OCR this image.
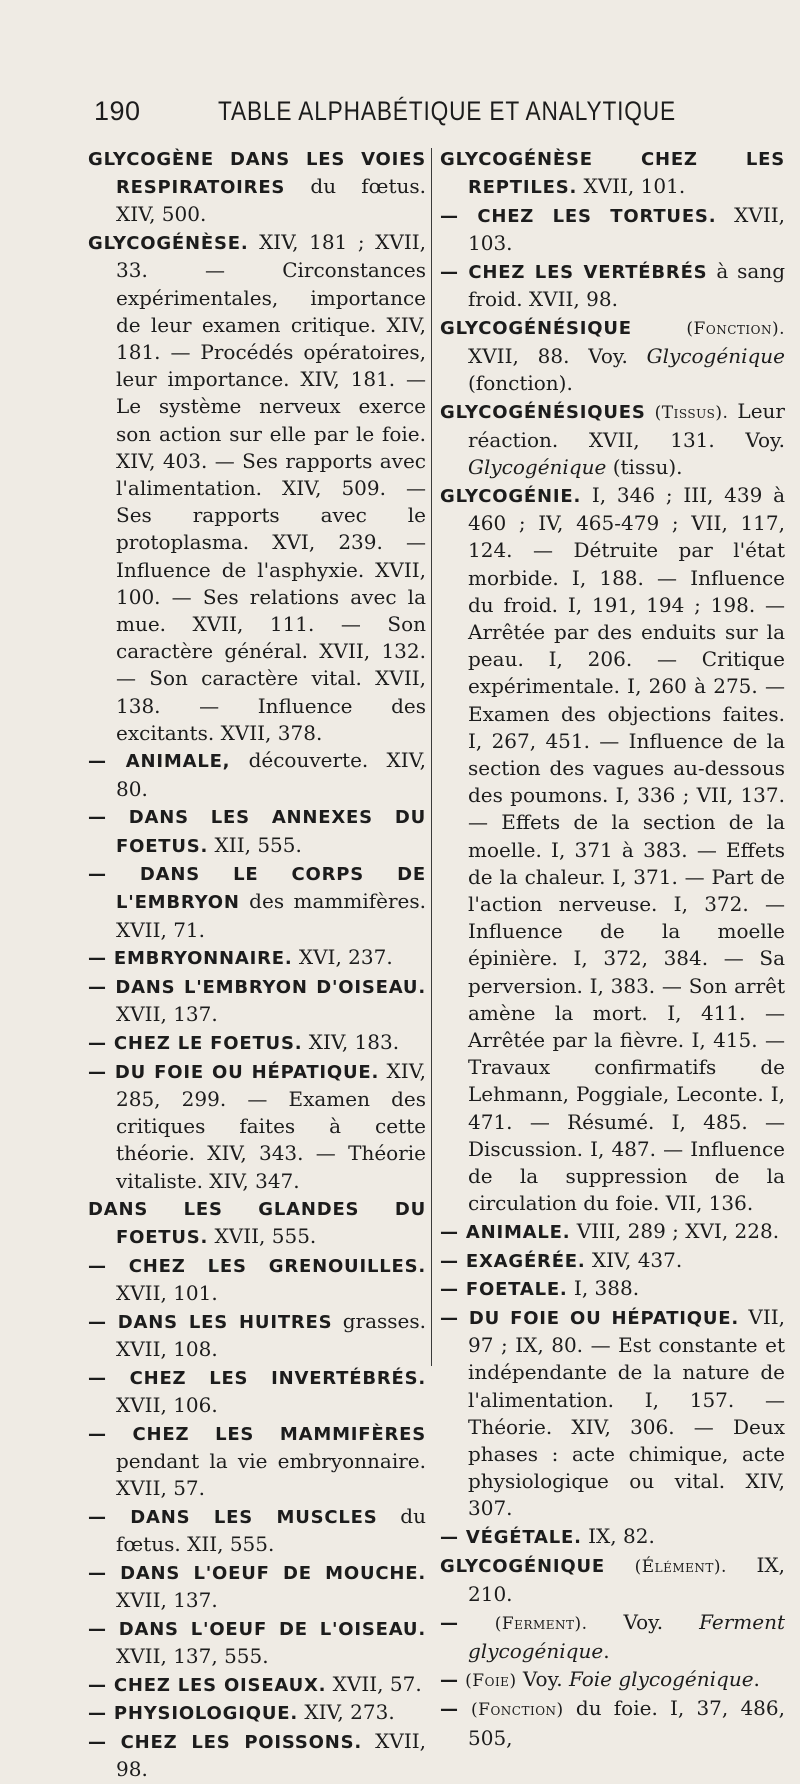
190	TABLE ALPHABÉTIQUE ET ANALYTIQUE
GLYCOGÈNE DANS LES VOIES RESPIRATOIRES du fœtus. XIV, 500.
GLYCOGÉNÈSE. XIV, 181 ; XVII, 33. — Circonstances expérimentales, importance de leur examen critique. XIV, 181. — Procédés opératoires, leur importance. XIV, 181. — Le système nerveux exerce son action sur elle par le foie. XIV, 403. — Ses rapports avec l'alimentation. XIV, 509. — Ses rapports avec le protoplasma. XVI, 239. — Influence de l'asphyxie. XVII, 100. — Ses relations avec la mue. XVII, 111. — Son caractère général. XVII, 132. — Son caractère vital. XVII, 138. — Influence des excitants. XVII, 378.
— ANIMALE, découverte. XIV, 80.
— DANS LES ANNEXES DU FOETUS. XII, 555.
— DANS LE CORPS DE L'EMBRYON des mammifères. XVII, 71.
— EMBRYONNAIRE. XVI, 237.
— DANS L'EMBRYON D'OISEAU. XVII, 137.
— CHEZ LE FOETUS. XIV, 183.
— DU FOIE OU HÉPATIQUE. XIV, 285, 299. — Examen des critiques faites à cette théorie. XIV, 343. — Théorie vitaliste. XIV, 347.
DANS LES GLANDES DU FOETUS. XVII, 555.
— CHEZ LES GRENOUILLES. XVII, 101.
— DANS LES HUITRES grasses. XVII, 108.
— CHEZ LES INVERTÉBRÉS. XVII, 106.
— CHEZ LES MAMMIFÈRES pendant la vie embryonnaire. XVII, 57.
— DANS LES MUSCLES du fœtus. XII, 555.
— DANS L'OEUF DE MOUCHE. XVII, 137.
— DANS L'OEUF DE L'OISEAU. XVII, 137, 555.
— CHEZ LES OISEAUX. XVII, 57.
— PHYSIOLOGIQUE. XIV, 273.
— CHEZ LES POISSONS. XVII, 98.
GLYCOGÉNÈSE CHEZ LES REPTILES. XVII, 101.
— CHEZ LES TORTUES. XVII, 103.
— CHEZ LES VERTÉBRÉS à sang froid. XVII, 98.
GLYCOGÉNÉSIQUE	(Fonction). XVII, 88. Voy. Glycogénique (fonction).
GLYCOGÉNÉSIQUES (Tissus). Leur réaction. XVII, 131. Voy. Glycogénique (tissu).
GLYCOGÉNIE. I, 346 ; III, 439 à 460 ; IV, 465-479 ; VII, 117, 124. — Détruite par l'état morbide. I, 188. — Influence du froid. I, 191, 194 ; 198. — Arrêtée par des enduits sur la peau. I, 206. — Critique expérimentale. I, 260 à 275. — Examen des objections faites. I, 267, 451. — Influence de la section des vagues au-dessous des poumons. I, 336 ; VII, 137. — Effets de la section de la moelle. I, 371 à 383. — Effets de la chaleur. I, 371. — Part de l'action nerveuse. I, 372. — Influence de la moelle épinière. I, 372, 384. — Sa perversion. I, 383. — Son arrêt amène la mort. I, 411. — Arrêtée par la fièvre. I, 415. — Travaux confirmatifs de Lehmann, Poggiale, Leconte. I, 471. — Résumé. I, 485. — Discussion. I, 487. — Influence de la suppression de la circulation du foie. VII, 136.
— ANIMALE. VIII, 289 ; XVI, 228.
— EXAGÉRÉE. XIV, 437.
— FOETALE. I, 388.
— DU FOIE OU HÉPATIQUE. VII, 97 ; IX, 80. — Est constante et indépendante de la nature de l'alimentation. I, 157. — Théorie. XIV, 306. — Deux phases : acte chimique, acte physiologique ou vital. XIV, 307.
— VÉGÉTALE. IX, 82.
GLYCOGÉNIQUE (Élément). IX, 210.
— (Ferment). Voy. Ferment glycogénique.
— (Foie) Voy. Foie glycogénique.
— (Fonction) du foie. I, 37, 486, 505,
